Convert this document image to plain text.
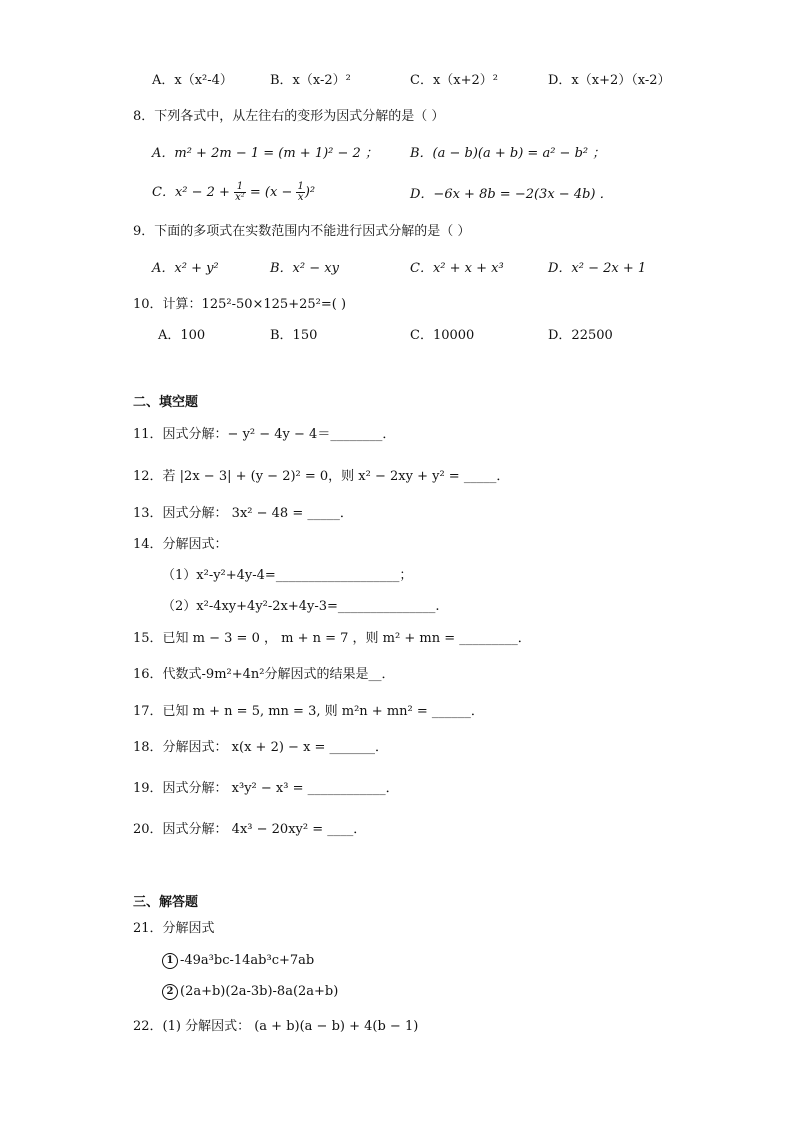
A．x（x²-4）	B．x（x-2）²	C．x（x+2）²	D．x（x+2）（x-2）
8．下列各式中，从左往右的变形为因式分解的是（ ）
A．m² + 2m − 1 = (m + 1)² − 2 ； B．(a − b)(a + b) = a² − b² ；
C．$x^2 - 2 + \frac{1}{\text{x²}} = (x - \frac{1}{x} )^2$	D．−6x + 8b = −2(3x − 4b) ．
9．下面的多项式在实数范围内不能进行因式分解的是（ ）
A．x² + y²	B．x² − xy	C．x² + x + x³	D．x² − 2x + 1
10．计算：125²-50×125+25²=( )
A．100	B．150	C．10000	D．22500
二、填空题
11．因式分解：− y² − 4y − 4＝________．
12．若 |2x − 3| + (y − 2)² = 0，则 x² − 2xy + y² = _____．
13．因式分解： 3x² − 48 = _____．
14．分解因式：
（1）x²-y²+4y-4=___________________；
（2）x²-4xy+4y²-2x+4y-3=_______________.
15．已知 m − 3 = 0 ， m + n = 7 ，则 m² + mn = _________．
16．代数式-9m²+4n²分解因式的结果是__．
17．已知 m + n = 5, mn = 3, 则 m²n + mn² = ______．
18．分解因式： x(x + 2) − x = _______．
19．因式分解： x³y² − x³ = ____________．
20．因式分解： 4x³ − 20xy² = ____．
三、解答题
21．分解因式
1 -49a³bc-14ab³c+7ab
2 (2a+b)(2a-3b)-8a(2a+b)
22．(1) 分解因式： (a + b)(a − b) + 4(b − 1)
